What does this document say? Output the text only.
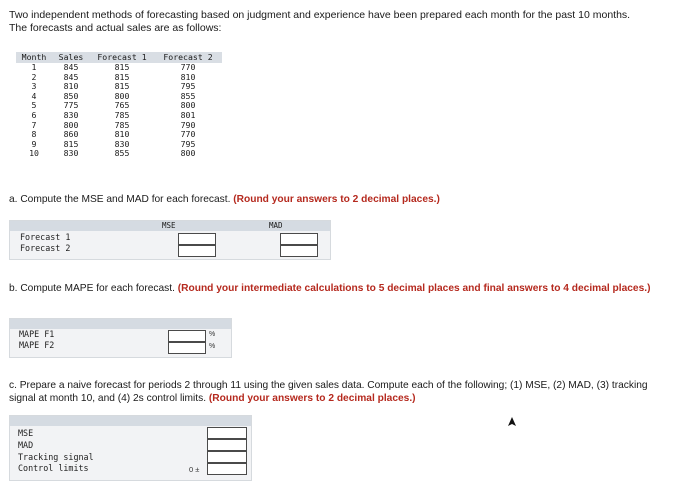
Two independent methods of forecasting based on judgment and experience have been prepared each month for the past 10 months.
The forecasts and actual sales are as follows:
Month	Sales	Forecast 1	Forecast 2
1	845	815	770
2	845	815	810
3	810	815	795
4	850	800	855
5	775	765	800
6	830	785	801
7	800	785	790
8	860	810	770
9	815	830	795
10	830	855	800
a. Compute the MSE and MAD for each forecast. (Round your answers to 2 decimal places.)
MSE	MAD
Forecast 1
Forecast 2
b. Compute MAPE for each forecast. (Round your intermediate calculations to 5 decimal places and final answers to 4 decimal places.)
MAPE F1
MAPE F2
%
%
c. Prepare a naive forecast for periods 2 through 11 using the given sales data. Compute each of the following; (1) MSE, (2) MAD, (3) tracking signal at month 10, and (4) 2s control limits. (Round your answers to 2 decimal places.)
MSE
MAD
Tracking signal
Control limits	0 ±
